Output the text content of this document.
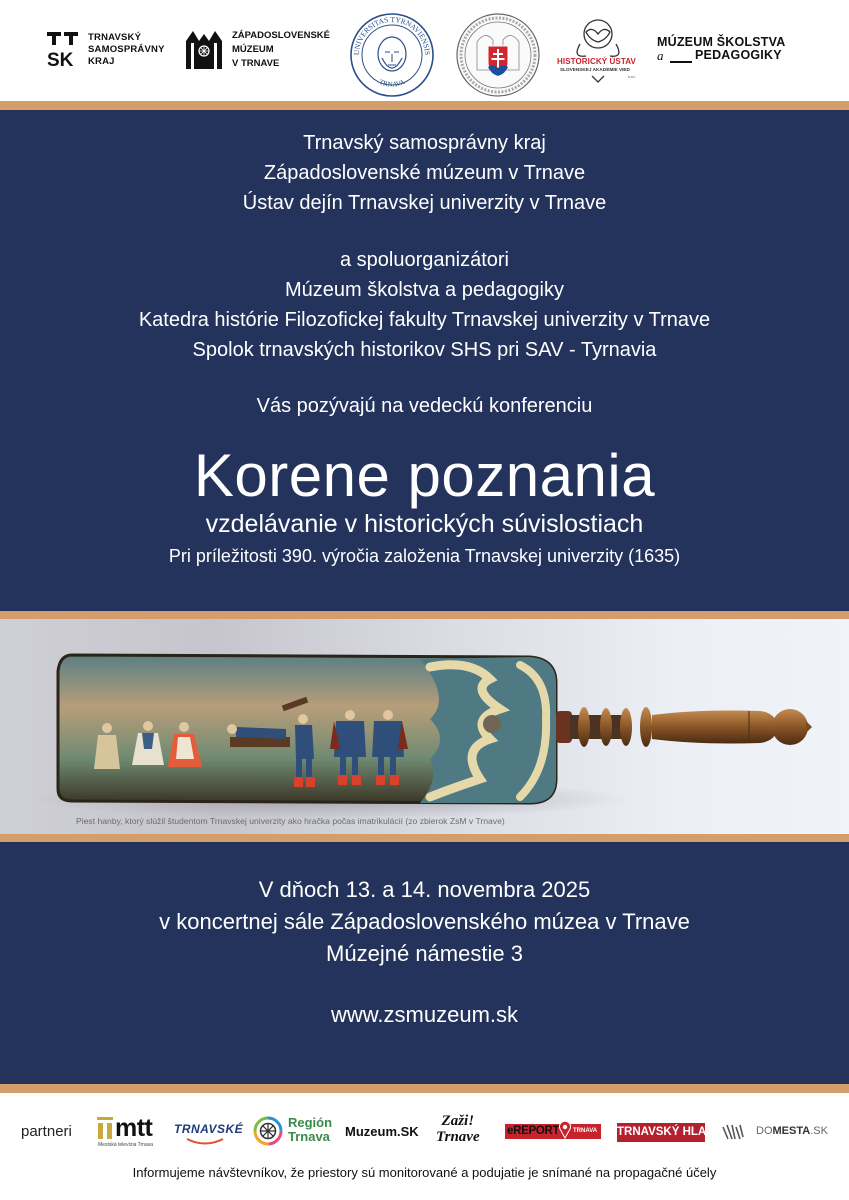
SK
TRNAVSKÝ
SAMOSPRÁVNY
KRAJ
ZÁPADOSLOVENSKÉ
MÚZEUM
V TRNAVE
UNIVERSITAS TYRNAVIENSIS
TRNAVA
HISTORICKÝ ÚSTAV
SLOVENSKEJ AKADÉMIE VIED
v.v.i.
MÚZEUM ŠKOLSTVA
a	PEDAGOGIKY
Trnavský samosprávny kraj
Západoslovenské múzeum v Trnave
Ústav dejín Trnavskej univerzity v Trnave
a spoluorganizátori
Múzeum školstva a pedagogiky
Katedra histórie Filozofickej fakulty Trnavskej univerzity v Trnave
Spolok trnavských historikov SHS pri SAV - Tyrnavia
Vás pozývajú na vedeckú konferenciu
Korene poznania
vzdelávanie v historických súvislostiach
Pri príležitosti 390. výročia založenia Trnavskej univerzity (1635)
Piest hanby, ktorý slúžil študentom Trnavskej univerzity ako hračka počas imatrikulácií (zo zbierok ZsM v Trnave)
V dňoch 13. a 14. novembra 2025
v koncertnej sále Západoslovenského múzea v Trnave
Múzejné námestie 3
www.zsmuzeum.sk
partneri mtt
Mestská televízia Trnava
TRNAVSKÉ	Región
Trnava Muzeum.SK
Zaži!
Trnave eREPORT TRNAVA TRNAVSKÝ HLAS	DOMESTA.SK
Informujeme návštevníkov, že priestory sú monitorované a podujatie je snímané na propagačné účely
